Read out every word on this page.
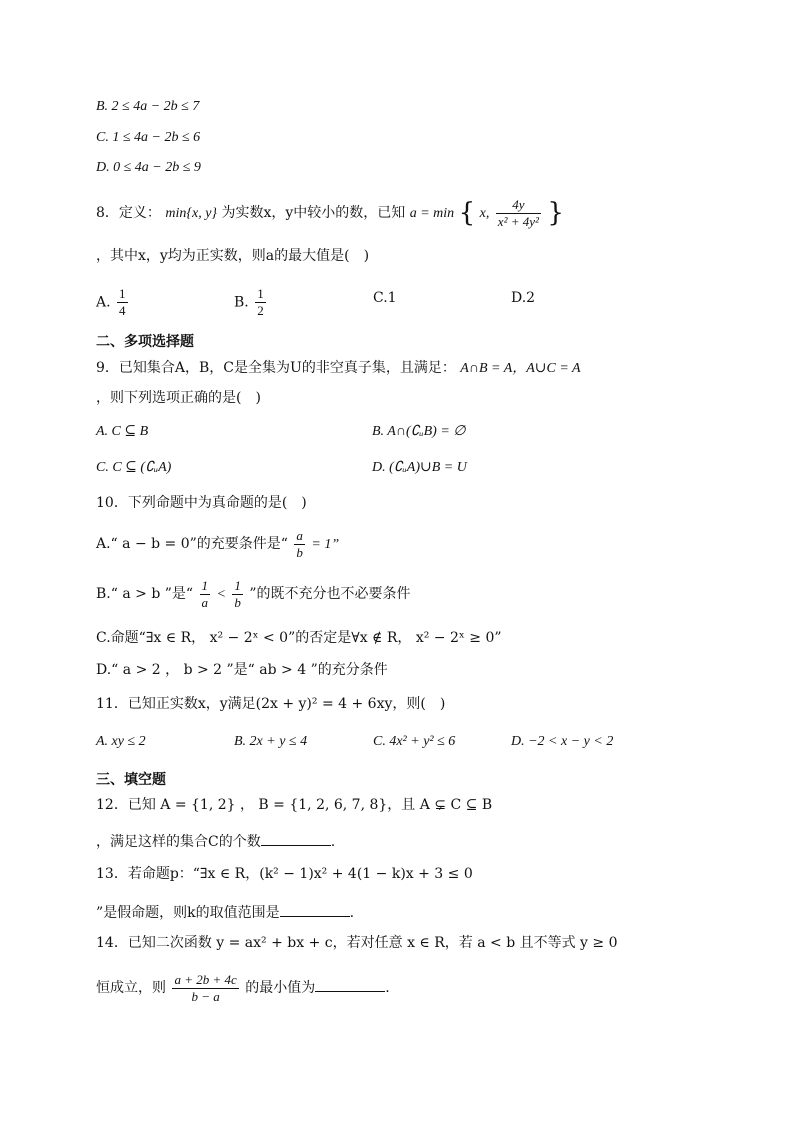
B. 2 ≤ 4a − 2b ≤ 7
C. 1 ≤ 4a − 2b ≤ 6
D. 0 ≤ 4a − 2b ≤ 9
8．定义： min{x, y} 为实数x，y中较小的数，已知 a = min { x, $\frac{4y}{\text{x² + 4y²}}$ }
，其中x，y均为正实数，则a的最大值是(　)
A. $\frac{1}{4}$	B. $\frac{1}{2}$	C.1	D.2
二、多项选择题
9．已知集合A，B，C是全集为U的非空真子集，且满足： A∩B = A，A∪C = A
，则下列选项正确的是(　)
A. C ⊆ B	B. A∩(∁ᵤB) = ∅
C. C ⊆ (∁ᵤA)	D. (∁ᵤA)∪B = U
10．下列命题中为真命题的是(　)
A.“ a − b = 0”的充要条件是“ $\frac{a}{b} = 1$”
B.“ a > b ”是“ $\frac{1}{a} < \frac{1}{b}$ ”的既不充分也不必要条件
C.命题“∃x ∈ R， x² − 2ˣ < 0”的否定是∀x ∉ R， x² − 2ˣ ≥ 0”
D.“ a > 2 ， b > 2 ”是“ ab > 4 ”的充分条件
11．已知正实数x，y满足(2x + y)² = 4 + 6xy，则(　)
A. xy ≤ 2	B. 2x + y ≤ 4	C. 4x² + y² ≤ 6	D. −2 < x − y < 2
三、填空题
12．已知 A = {1, 2} ， B = {1, 2, 6, 7, 8}，且 A ⊊ C ⊆ B
，满足这样的集合C的个数	.
13．若命题p：“∃x ∈ R，(k² − 1)x² + 4(1 − k)x + 3 ≤ 0
”是假命题，则k的取值范围是	.
14．已知二次函数 y = ax² + bx + c，若对任意 x ∈ R，若 a < b 且不等式 y ≥ 0
恒成立，则 $\frac{a + 2b + 4c}{b - a}$ 的最小值为	.
